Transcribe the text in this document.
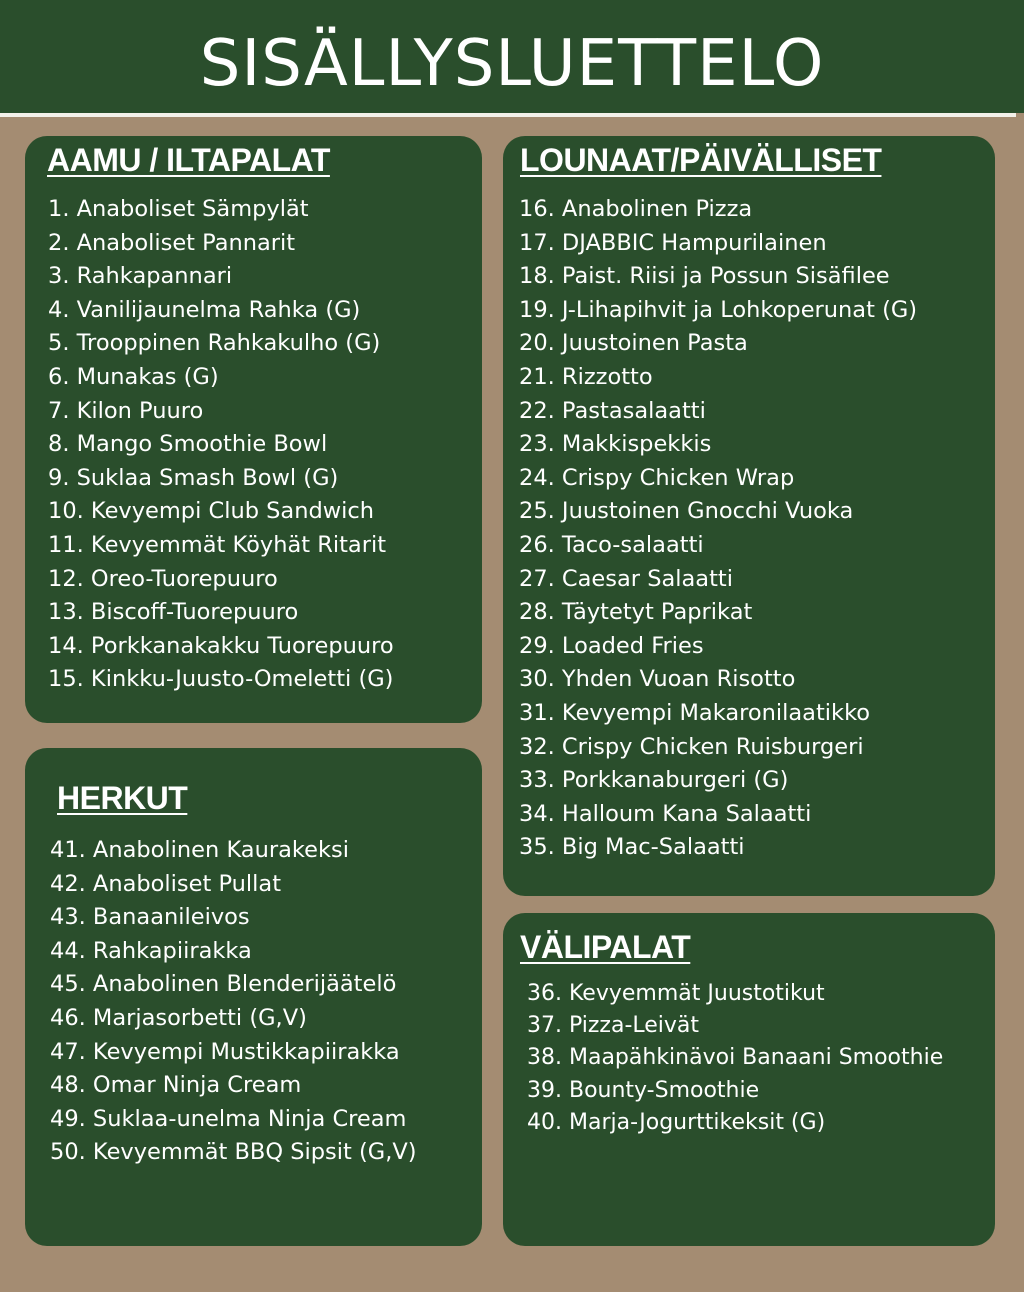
SISÄLLYSLUETTELO
AAMU / ILTAPALAT
1. Anaboliset Sämpylät
2. Anaboliset Pannarit
3. Rahkapannari
4. Vanilijaunelma Rahka (G)
5. Trooppinen Rahkakulho (G)
6. Munakas (G)
7. Kilon Puuro
8. Mango Smoothie Bowl
9. Suklaa Smash Bowl (G)
10. Kevyempi Club Sandwich
11. Kevyemmät Köyhät Ritarit
12. Oreo-Tuorepuuro
13. Biscoff-Tuorepuuro
14. Porkkanakakku Tuorepuuro
15. Kinkku-Juusto-Omeletti (G)
HERKUT
41. Anabolinen Kaurakeksi
42. Anaboliset Pullat
43. Banaanileivos
44. Rahkapiirakka
45. Anabolinen Blenderijäätelö
46. Marjasorbetti (G,V)
47. Kevyempi Mustikkapiirakka
48. Omar Ninja Cream
49. Suklaa-unelma Ninja Cream
50. Kevyemmät BBQ Sipsit (G,V)
LOUNAAT/PÄIVÄLLISET
16. Anabolinen Pizza
17. DJABBIC Hampurilainen
18. Paist. Riisi ja Possun Sisäfilee
19. J-Lihapihvit ja Lohkoperunat (G)
20. Juustoinen Pasta
21. Rizzotto
22. Pastasalaatti
23. Makkispekkis
24. Crispy Chicken Wrap
25. Juustoinen Gnocchi Vuoka
26. Taco-salaatti
27. Caesar Salaatti
28. Täytetyt Paprikat
29. Loaded Fries
30. Yhden Vuoan Risotto
31. Kevyempi Makaronilaatikko
32. Crispy Chicken Ruisburgeri
33. Porkkanaburgeri (G)
34. Halloum Kana Salaatti
35. Big Mac-Salaatti
VÄLIPALAT
36. Kevyemmät Juustotikut
37. Pizza-Leivät
38. Maapähkinävoi Banaani Smoothie
39. Bounty-Smoothie
40. Marja-Jogurttikeksit (G)
